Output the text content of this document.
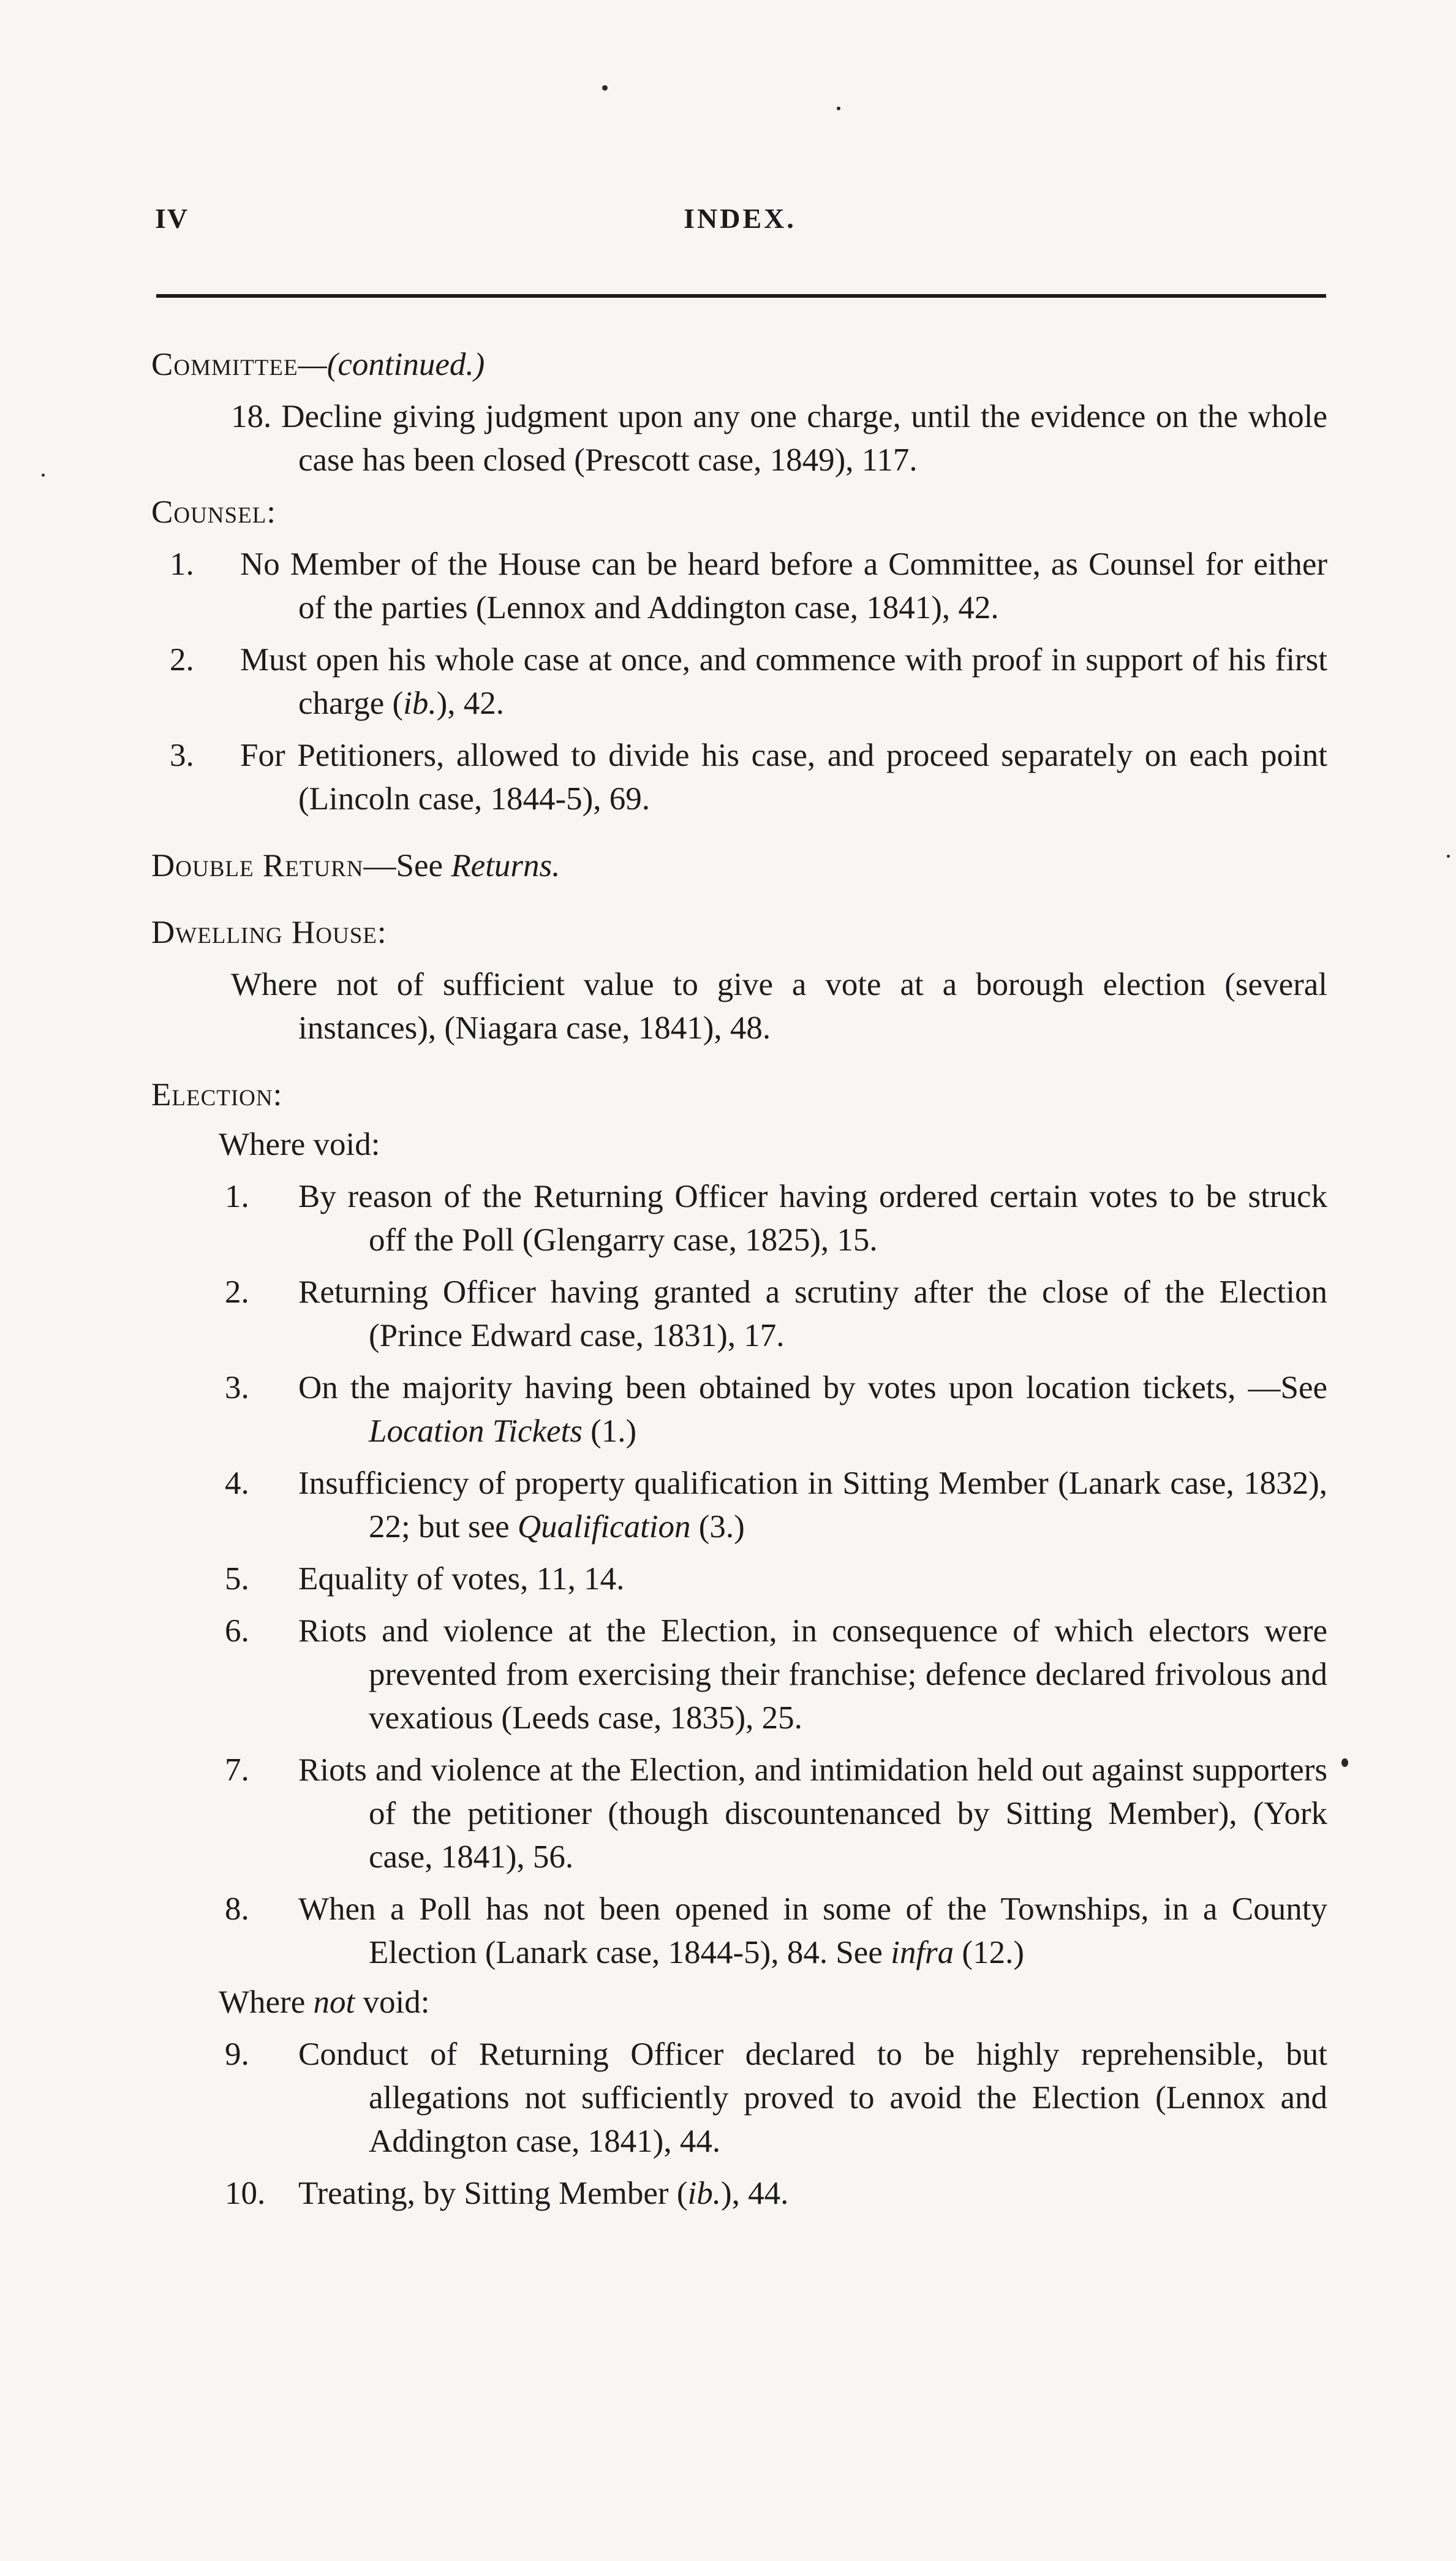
IV	INDEX.

Committee—(continued.)

18. Decline giving judgment upon any one charge, until the evidence on the whole case has been closed (Prescott case, 1849), 117.

Counsel:

1.	No Member of the House can be heard before a Committee, as Counsel for either of the parties (Lennox and Addington case, 1841), 42.
2.	Must open his whole case at once, and commence with proof in support of his first charge (ib.), 42.
3.	For Petitioners, allowed to divide his case, and proceed separately on each point (Lincoln case, 1844-5), 69.

Double Return—See Returns.

Dwelling House:

Where not of sufficient value to give a vote at a borough election (several instances), (Niagara case, 1841), 48.

Election:

Where void:

1.	By reason of the Returning Officer having ordered certain votes to be struck off the Poll (Glengarry case, 1825), 15.
2.	Returning Officer having granted a scrutiny after the close of the Election (Prince Edward case, 1831), 17.
3.	On the majority having been obtained by votes upon location tickets, —See Location Tickets (1.)
4.	Insufficiency of property qualification in Sitting Member (Lanark case, 1832), 22; but see Qualification (3.)
5.	Equality of votes, 11, 14.
6.	Riots and violence at the Election, in consequence of which electors were prevented from exercising their franchise; defence declared frivolous and vexatious (Leeds case, 1835), 25.
7.	Riots and violence at the Election, and intimidation held out against supporters of the petitioner (though discountenanced by Sitting Member), (York case, 1841), 56.
8.	When a Poll has not been opened in some of the Townships, in a County Election (Lanark case, 1844-5), 84. See infra (12.)

Where not void:

9.	Conduct of Returning Officer declared to be highly reprehensible, but allegations not sufficiently proved to avoid the Election (Lennox and Addington case, 1841), 44.
10.	Treating, by Sitting Member (ib.), 44.
